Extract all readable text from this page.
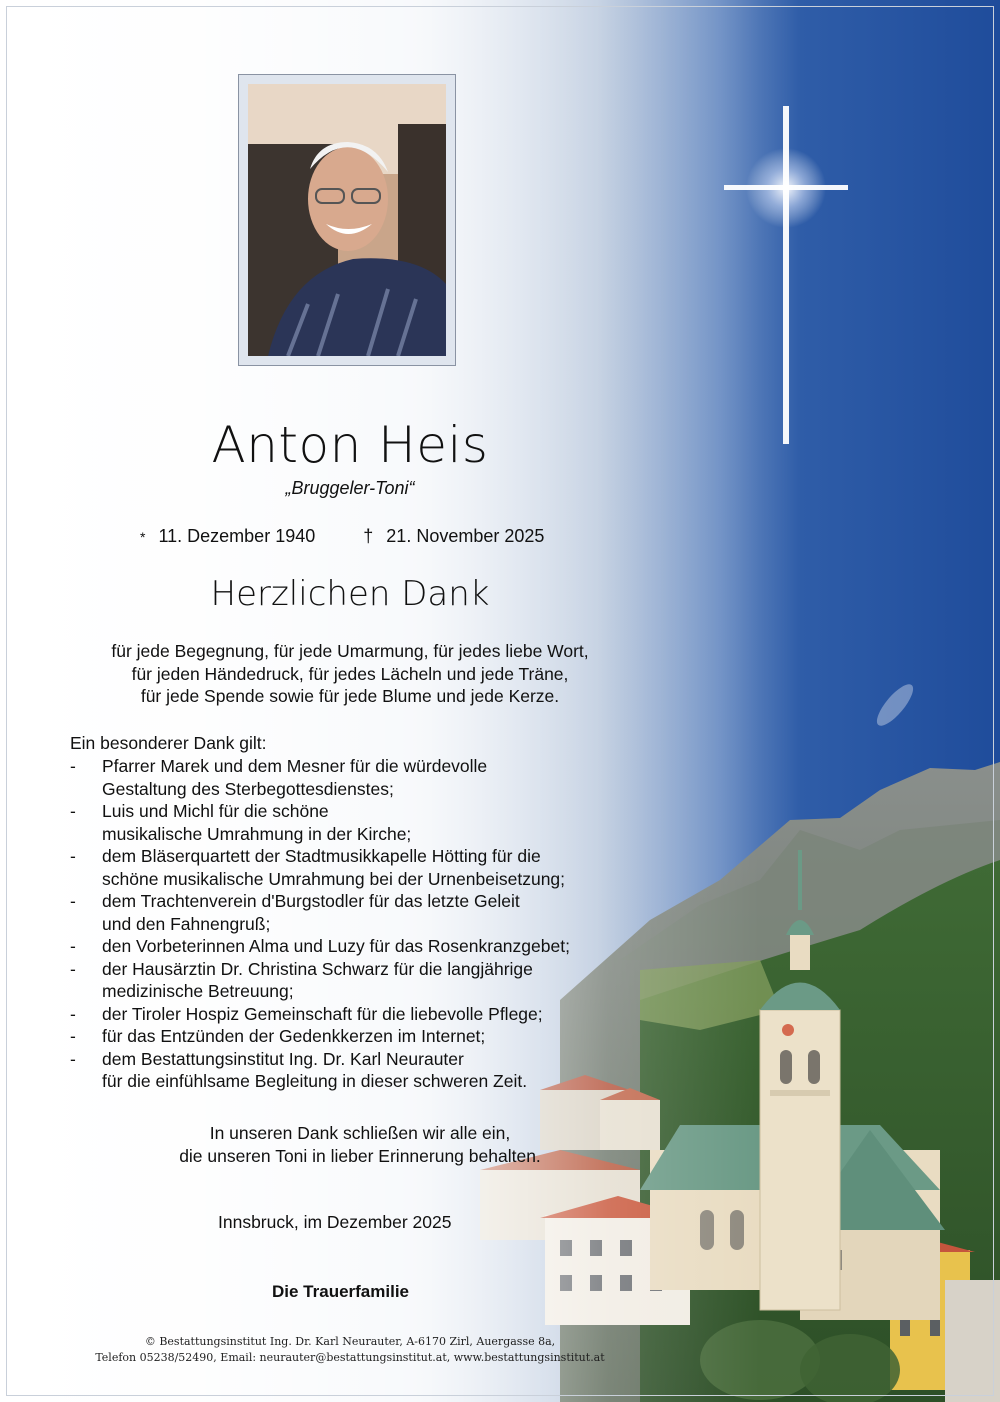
Anton Heis
„Bruggeler-Toni“
* 11. Dezember 1940	† 21. November 2025
Herzlichen Dank
für jede Begegnung, für jede Umarmung, für jedes liebe Wort,
für jeden Händedruck, für jedes Lächeln und jede Träne,
für jede Spende sowie für jede Blume und jede Kerze.
Ein besonderer Dank gilt:
- Pfarrer Marek und dem Mesner für die würdevolle
Gestaltung des Sterbegottesdienstes;
- Luis und Michl für die schöne
musikalische Umrahmung in der Kirche;
- dem Bläserquartett der Stadtmusikkapelle Hötting für die
schöne musikalische Umrahmung bei der Urnenbeisetzung;
- dem Trachtenverein d'Burgstodler für das letzte Geleit
und den Fahnengruß;
- den Vorbeterinnen Alma und Luzy für das Rosenkranzgebet;
- der Hausärztin Dr. Christina Schwarz für die langjährige
medizinische Betreuung;
- der Tiroler Hospiz Gemeinschaft für die liebevolle Pflege;
- für das Entzünden der Gedenkkerzen im Internet;
- dem Bestattungsinstitut Ing. Dr. Karl Neurauter
für die einfühlsame Begleitung in dieser schweren Zeit.
In unseren Dank schließen wir alle ein,
die unseren Toni in lieber Erinnerung behalten.
Innsbruck, im Dezember 2025
Die Trauerfamilie
© Bestattungsinstitut Ing. Dr. Karl Neurauter, A-6170 Zirl, Auergasse 8a,
Telefon 05238/52490, Email: neurauter@bestattungsinstitut.at, www.bestattungsinstitut.at
